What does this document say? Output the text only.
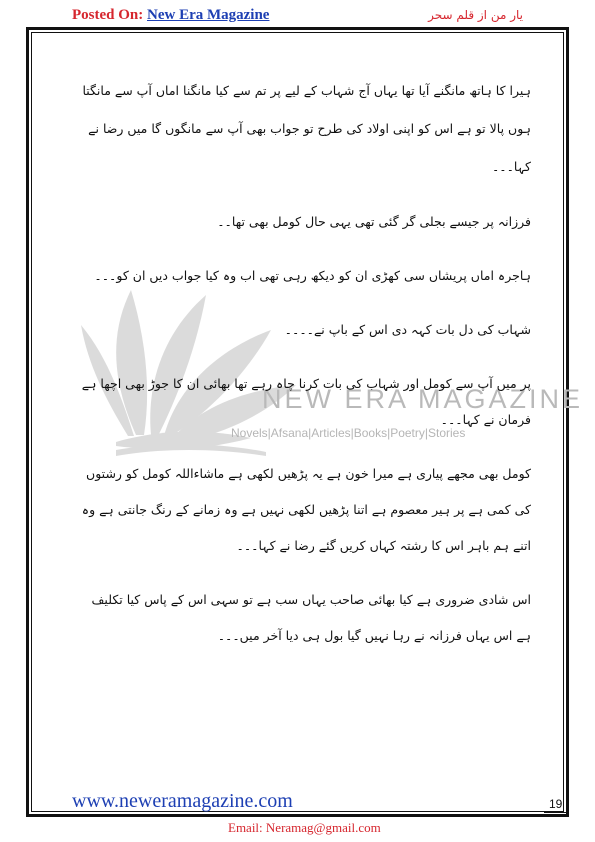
Posted On: New Era Magazine	یار من از قلم سحر
NEW ERA MAGAZINE
Novels|Afsana|Articles|Books|Poetry|Stories

ہیرا کا ہاتھ مانگنے آیا تھا یہاں آج شہاب کے لیے پر تم سے کیا مانگنا اماں آپ سے مانگتا ہوں پالا تو ہے اس کو اپنی اولاد کی طرح تو جواب بھی آپ سے مانگوں گا میں رضا نے کہا۔۔۔

فرزانہ پر جیسے بجلی گر گئی تھی یہی حال کومل بھی تھا۔۔

ہاجرہ اماں پریشاں سی کھڑی ان کو دیکھ رہی تھی اب وہ کیا جواب دیں ان کو۔۔۔

شہاب کی دل بات کہہ دی اس کے باپ نے۔۔۔۔

پر میں آپ سے کومل اور شہاب کی بات کرنا چاہ رہے تھا بھائی ان کا جوڑ بھی اچھا ہے فرمان نے کہا۔۔۔

کومل بھی مجھے پیاری ہے میرا خون ہے یہ پڑھیں لکھی ہے ماشاءاللہ کومل کو رشتوں کی کمی ہے پر ہیر معصوم ہے اتنا پڑھیں لکھی نہیں ہے وہ زمانے کے رنگ جانتی ہے وہ اتنے ہم باہر اس کا رشتہ کہاں کریں گئے رضا نے کہا۔۔۔

اس شادی ضروری ہے کیا بھائی صاحب یہاں سب ہے تو سہی اس کے پاس کیا تکلیف ہے اس یہاں فرزانہ نے رہا نہیں گیا بول ہی دیا آخر میں۔۔۔

www.neweramagazine.com	19
Email: Neramag@gmail.com
